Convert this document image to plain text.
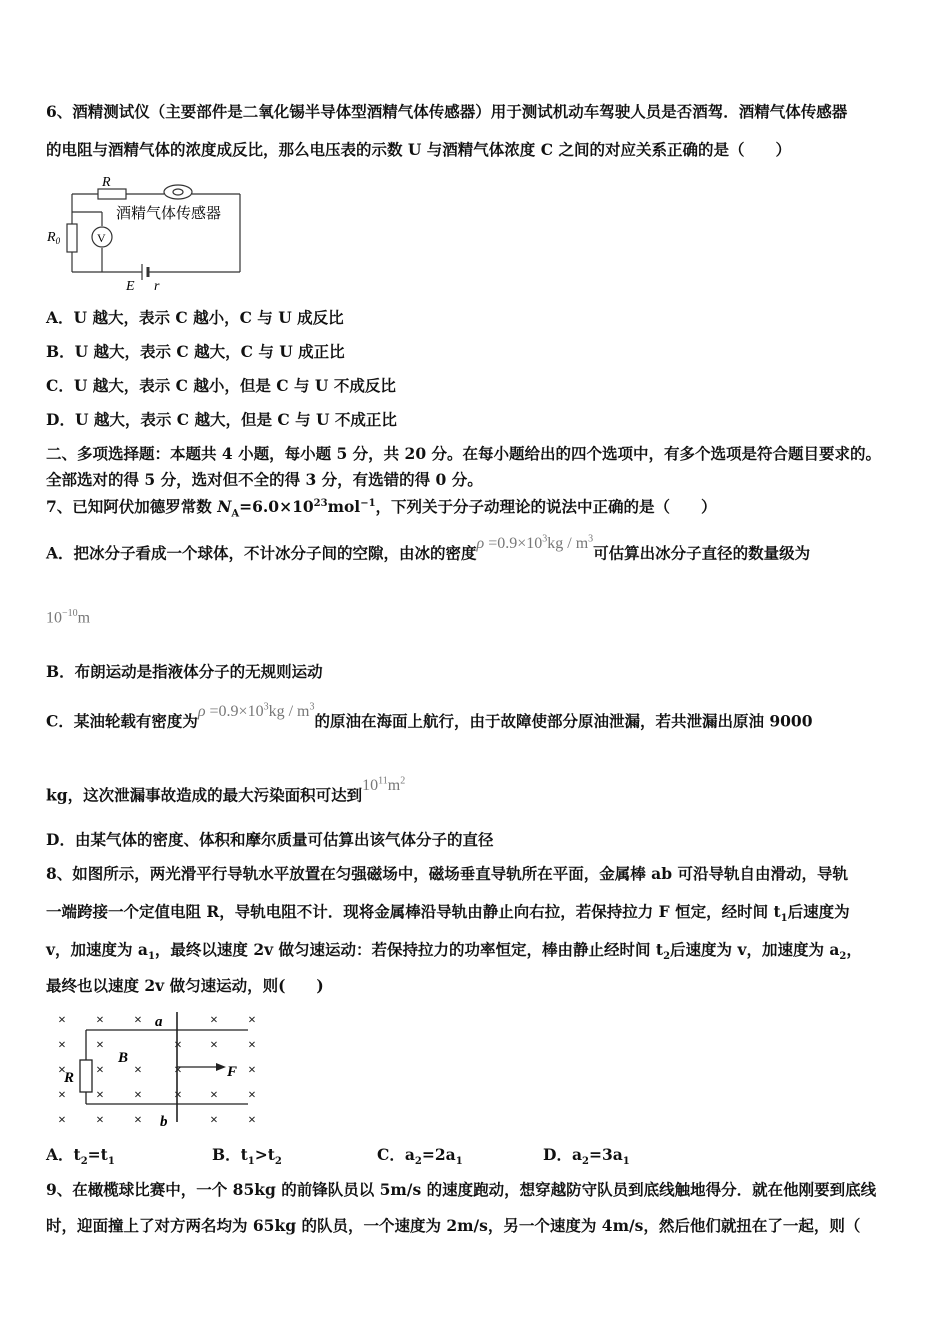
6、酒精测试仪（主要部件是二氧化锡半导体型酒精气体传感器）用于测试机动车驾驶人员是否酒驾．酒精气体传感器
的电阻与酒精气体的浓度成反比，那么电压表的示数 U 与酒精气体浓度 C 之间的对应关系正确的是（　　）
R
$R_0$	V
酒精气体传感器
E r
A．U 越大，表示 C 越小，C 与 U 成反比
B．U 越大，表示 C 越大，C 与 U 成正比
C．U 越大，表示 C 越小，但是 C 与 U 不成反比
D．U 越大，表示 C 越大，但是 C 与 U 不成正比
二、多项选择题：本题共 4 小题，每小题 5 分，共 20 分。在每小题给出的四个选项中，有多个选项是符合题目要求的。
全部选对的得 5 分，选对但不全的得 3 分，有选错的得 0 分。
7、已知阿伏加德罗常数 $N_A=6.0\times 10^{23}mol^{-1}$，下列关于分子动理论的说法中正确的是（　　）
A．把冰分子看成一个球体，不计冰分子间的空隙，由冰的密度$\rho =0.9\times 10^3kg / m^3$可估算出冰分子直径的数量级为
$10^{-10}m$
B．布朗运动是指液体分子的无规则运动
C．某油轮载有密度为$\rho =0.9\times 10^3kg / m^3$的原油在海面上航行，由于故障使部分原油泄漏，若共泄漏出原油 9000
kg，这次泄漏事故造成的最大污染面积可达到$10^{11}m^2$
D．由某气体的密度、体积和摩尔质量可估算出该气体分子的直径
8、如图所示，两光滑平行导轨水平放置在匀强磁场中，磁场垂直导轨所在平面，金属棒 ab 可沿导轨自由滑动，导轨
一端跨接一个定值电阻 R，导轨电阻不计．现将金属棒沿导轨由静止向右拉，若保持拉力 F 恒定，经时间 $t_1$后速度为
v，加速度为 $a_1$，最终以速度 2v 做匀速运动：若保持拉力的功率恒定，棒由静止经时间 $t_2$后速度为 v，加速度为 $a_2$，
最终也以速度 2v 做匀速运动，则(　　)
× × ×	× ×
× ×	× × ×
× × × ×	×
× × × × × ×
× × ×	× ×
a
b
B
R	F
A．$t_2=t_1$	B．$t_1>t_2$	C．$a_2=2a_1$	D．$a_2=3a_1$
9、在橄榄球比赛中，一个 85kg 的前锋队员以 5m/s 的速度跑动，想穿越防守队员到底线触地得分．就在他刚要到底线
时，迎面撞上了对方两名均为 65kg 的队员，一个速度为 2m/s，另一个速度为 4m/s，然后他们就扭在了一起，则（
